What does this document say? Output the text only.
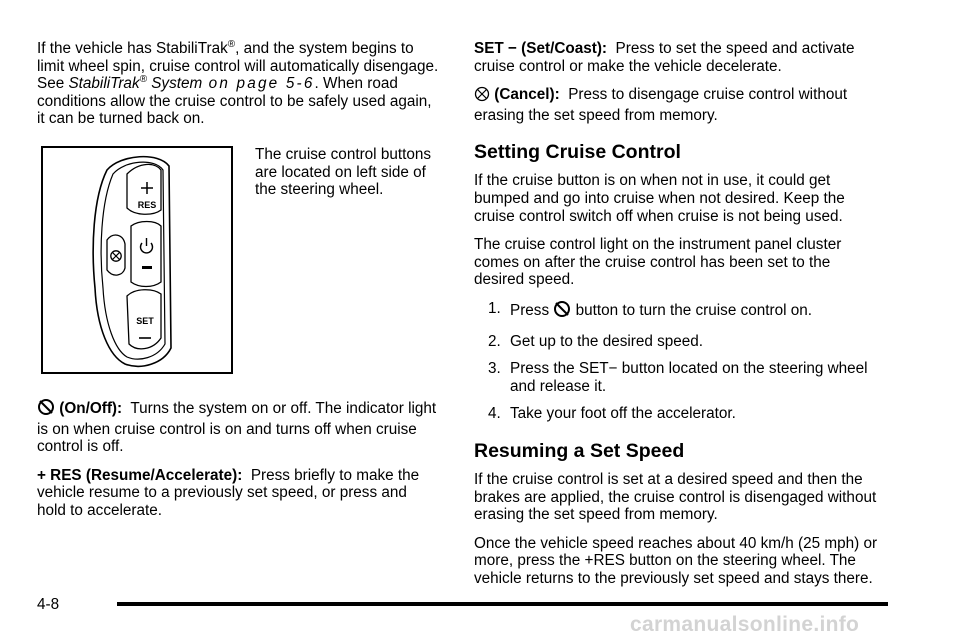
If the vehicle has StabiliTrak®, and the system begins to limit wheel spin, cruise control will automatically disengage. See StabiliTrak® System on page 5-6. When road conditions allow the cruise control to be safely used again, it can be turned back on.

RES
SET
The cruise control buttons are located on left side of the steering wheel.

(On/Off): Turns the system on or off. The indicator light is on when cruise control is on and turns off when cruise control is off.

+ RES (Resume/Accelerate): Press briefly to make the vehicle resume to a previously set speed, or press and hold to accelerate.

SET − (Set/Coast): Press to set the speed and activate cruise control or make the vehicle decelerate.

(Cancel): Press to disengage cruise control without erasing the set speed from memory.

Setting Cruise Control

If the cruise button is on when not in use, it could get bumped and go into cruise when not desired. Keep the cruise control switch off when cruise is not being used.

The cruise control light on the instrument panel cluster comes on after the cruise control has been set to the desired speed.

1. Press button to turn the cruise control on.
2. Get up to the desired speed.
3. Press the SET− button located on the steering wheel and release it.
4. Take your foot off the accelerator.
Resuming a Set Speed

If the cruise control is set at a desired speed and then the brakes are applied, the cruise control is disengaged without erasing the set speed from memory.

Once the vehicle speed reaches about 40 km/h (25 mph) or more, press the +RES button on the steering wheel. The vehicle returns to the previously set speed and stays there.

4-8
carmanualsonline.info
